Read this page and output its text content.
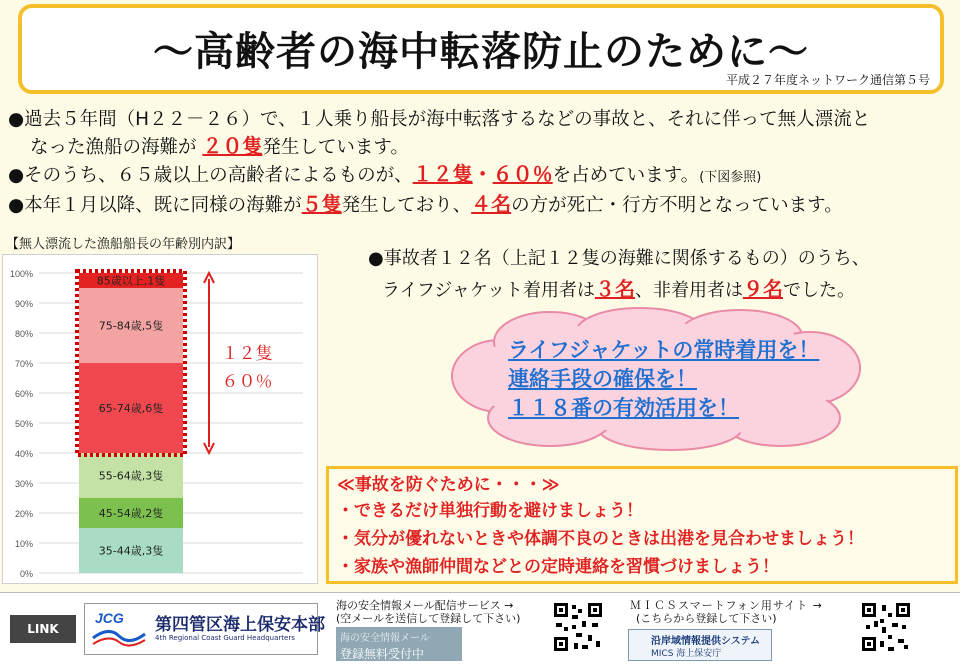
～高齢者の海中転落防止のために～
平成２７年度ネットワーク通信第５号
●過去５年間（H２２－２６）で、１人乗り船長が海中転落するなどの事故と、それに伴って無人漂流と
なった漁船の海難が ２０隻発生しています。
●そのうち、６５歳以上の高齢者によるものが、１２隻・６０％を占めています。(下図参照)
●本年１月以降、既に同様の海難が５隻発生しており、４名の方が死亡・行方不明となっています。
【無人漂流した漁船船長の年齢別内訳】
0%
10%
20%
30%
40%
50%
60%
70%
80%
90%
100%
35-44歳,3隻
45-54歳,2隻
55-64歳,3隻
65-74歳,6隻
75-84歳,5隻
85歳以上,1隻
１２隻
６０％
●事故者１２名（上記１２隻の海難に関係するもの）のうち、
ライフジャケット着用者は３名、非着用者は９名でした。
ライフジャケットの常時着用を！
連絡手段の確保を！
１１８番の有効活用を！
≪事故を防ぐために・・・≫
・できるだけ単独行動を避けましょう！
・気分が優れないときや体調不良のときは出港を見合わせましょう！
・家族や漁師仲間などとの定時連絡を習慣づけましょう！
LINK
JCG 第四管区海上保安本部
4th Regional Coast Guard Headquarters
海の安全情報メール配信サービス →
(空メールを送信して登録して下さい)
海の安全情報メール
登録無料受付中
ＭＩＣＳスマートフォン用サイト →
(こちらから登録して下さい)
沿岸域情報提供システム
MICS 海上保安庁
